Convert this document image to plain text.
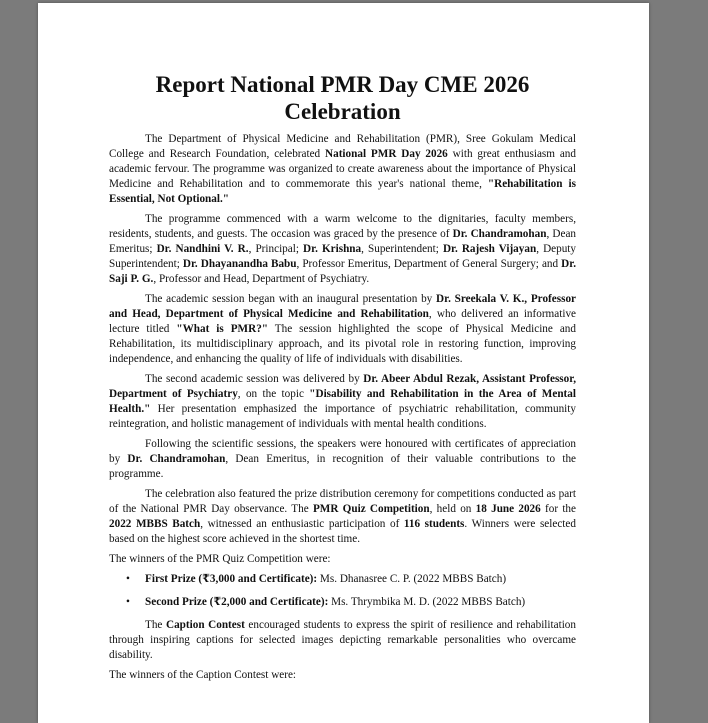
Report National PMR Day CME 2026 Celebration

The Department of Physical Medicine and Rehabilitation (PMR), Sree Gokulam Medical College and Research Foundation, celebrated National PMR Day 2026 with great enthusiasm and academic fervour. The programme was organized to create awareness about the importance of Physical Medicine and Rehabilitation and to commemorate this year's national theme, "Rehabilitation is Essential, Not Optional."

The programme commenced with a warm welcome to the dignitaries, faculty members, residents, students, and guests. The occasion was graced by the presence of Dr. Chandramohan, Dean Emeritus; Dr. Nandhini V. R., Principal; Dr. Krishna, Superintendent; Dr. Rajesh Vijayan, Deputy Superintendent; Dr. Dhayanandha Babu, Professor Emeritus, Department of General Surgery; and Dr. Saji P. G., Professor and Head, Department of Psychiatry.

The academic session began with an inaugural presentation by Dr. Sreekala V. K., Professor and Head, Department of Physical Medicine and Rehabilitation, who delivered an informative lecture titled "What is PMR?" The session highlighted the scope of Physical Medicine and Rehabilitation, its multidisciplinary approach, and its pivotal role in restoring function, improving independence, and enhancing the quality of life of individuals with disabilities.

The second academic session was delivered by Dr. Abeer Abdul Rezak, Assistant Professor, Department of Psychiatry, on the topic "Disability and Rehabilitation in the Area of Mental Health." Her presentation emphasized the importance of psychiatric rehabilitation, community reintegration, and holistic management of individuals with mental health conditions.

Following the scientific sessions, the speakers were honoured with certificates of appreciation by Dr. Chandramohan, Dean Emeritus, in recognition of their valuable contributions to the programme.

The celebration also featured the prize distribution ceremony for competitions conducted as part of the National PMR Day observance. The PMR Quiz Competition, held on 18 June 2026 for the 2022 MBBS Batch, witnessed an enthusiastic participation of 116 students. Winners were selected based on the highest score achieved in the shortest time.

The winners of the PMR Quiz Competition were:

• First Prize (₹3,000 and Certificate): Ms. Dhanasree C. P. (2022 MBBS Batch)
• Second Prize (₹2,000 and Certificate): Ms. Thrymbika M. D. (2022 MBBS Batch)

The Caption Contest encouraged students to express the spirit of resilience and rehabilitation through inspiring captions for selected images depicting remarkable personalities who overcame disability.

The winners of the Caption Contest were:
